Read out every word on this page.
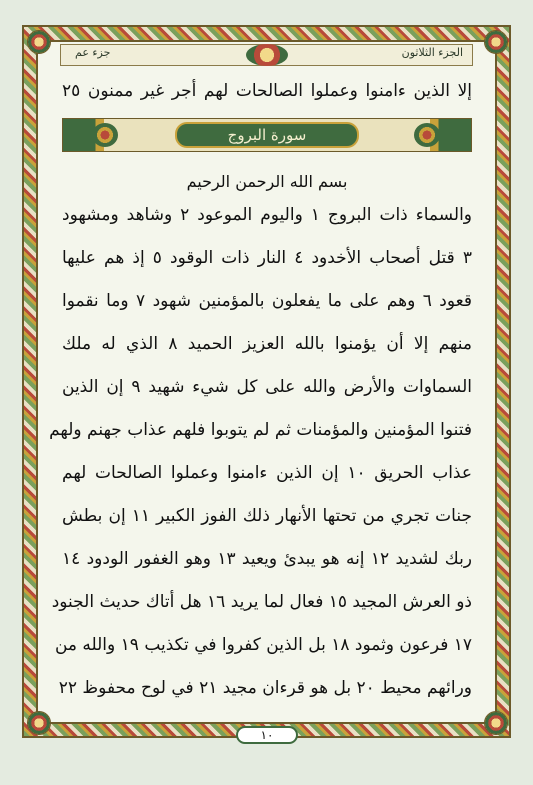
الجزء الثلاثون
جزء عم
إلا الذين ءامنوا وعملوا الصالحات لهم أجر غير ممنون ٢٥
سورة البروج
بسم الله الرحمن الرحيم
والسماء ذات البروج ١ واليوم الموعود ٢ وشاهد ومشهود
٣ قتل أصحاب الأخدود ٤ النار ذات الوقود ٥ إذ هم عليها
قعود ٦ وهم على ما يفعلون بالمؤمنين شهود ٧ وما نقموا
منهم إلا أن يؤمنوا بالله العزيز الحميد ٨ الذي له ملك
السماوات والأرض والله على كل شيء شهيد ٩ إن الذين
فتنوا المؤمنين والمؤمنات ثم لم يتوبوا فلهم عذاب جهنم ولهم
عذاب الحريق ١٠ إن الذين ءامنوا وعملوا الصالحات لهم
جنات تجري من تحتها الأنهار ذلك الفوز الكبير ١١ إن بطش
ربك لشديد ١٢ إنه هو يبدئ ويعيد ١٣ وهو الغفور الودود ١٤
ذو العرش المجيد ١٥ فعال لما يريد ١٦ هل أتاك حديث الجنود
١٧ فرعون وثمود ١٨ بل الذين كفروا في تكذيب ١٩ والله من
ورائهم محيط ٢٠ بل هو قرءان مجيد ٢١ في لوح محفوظ ٢٢
١٠
